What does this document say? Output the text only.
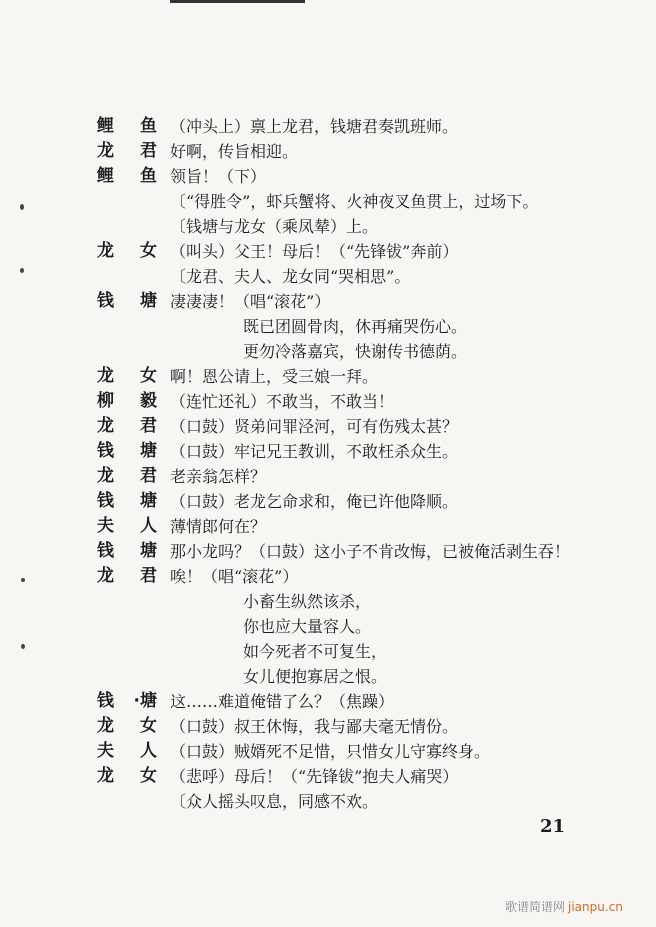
鲤 鱼 （冲头上）禀上龙君，钱塘君奏凯班师。
龙 君 好啊，传旨相迎。
鲤 鱼 领旨！（下）
〔“得胜令”，虾兵蟹将、火神夜叉鱼贯上，过场下。
〔钱塘与龙女（乘凤辇）上。
龙 女 （叫头）父王！母后！（“先锋钹”奔前）
〔龙君、夫人、龙女同“哭相思”。
钱 塘 凄凄凄！（唱“滚花”）
既已团圆骨肉，休再痛哭伤心。
更勿冷落嘉宾，快谢传书德荫。
龙 女 啊！恩公请上，受三娘一拜。
柳 毅 （连忙还礼）不敢当，不敢当！
龙 君 （口鼓）贤弟问罪泾河，可有伤残太甚？
钱 塘 （口鼓）牢记兄王教训，不敢枉杀众生。
龙 君 老亲翁怎样？
钱 塘 （口鼓）老龙乞命求和，俺已许他降顺。
夫 人 薄情郎何在？
钱 塘 那小龙吗？（口鼓）这小子不肯改悔，已被俺活剥生吞！
龙 君 唉！（唱“滚花”）
小畜生纵然该杀，
你也应大量容人。
如今死者不可复生，
女儿便抱寡居之恨。
钱 ·塘 这……难道俺错了么？（焦躁）
龙 女 （口鼓）叔王休悔，我与鄙夫毫无情份。
夫 人 （口鼓）贼婿死不足惜，只惜女儿守寡终身。
龙 女 （悲呼）母后！（“先锋钹”抱夫人痛哭）
〔众人摇头叹息，同感不欢。
21
歌谱简谱网 jianpu.cn
